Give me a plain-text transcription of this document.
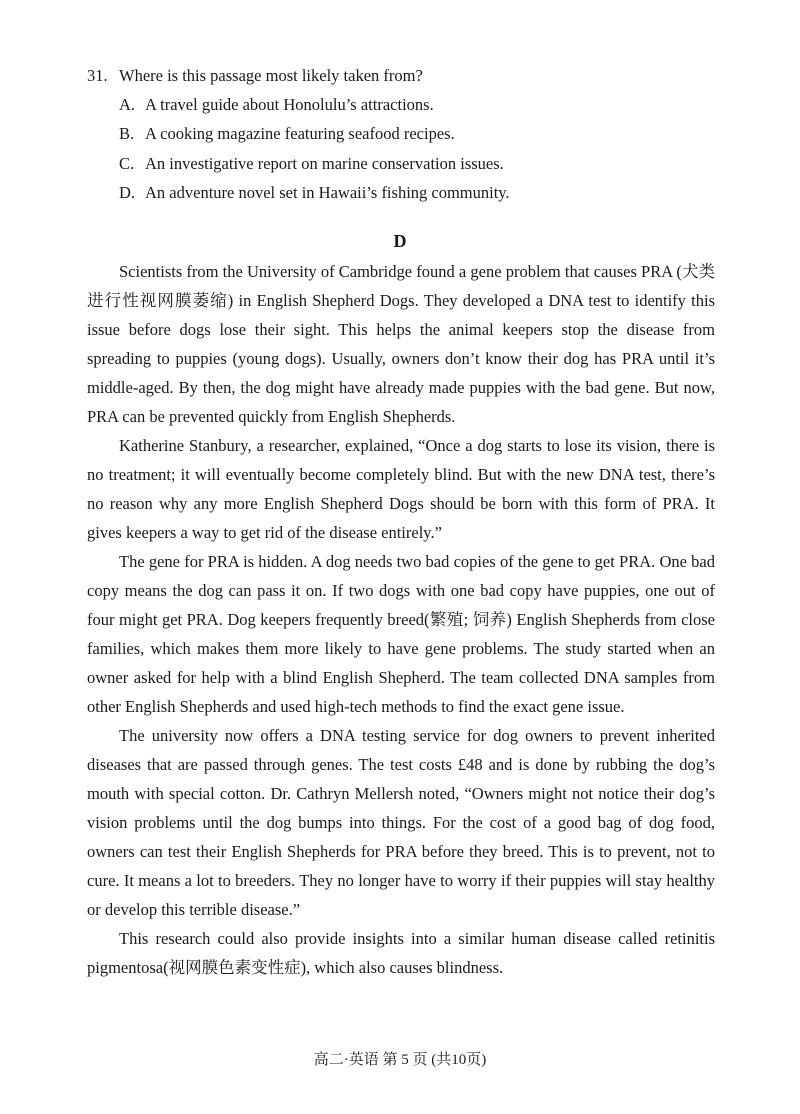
31. Where is this passage most likely taken from?
A. A travel guide about Honolulu’s attractions.
B. A cooking magazine featuring seafood recipes.
C. An investigative report on marine conservation issues.
D. An adventure novel set in Hawaii’s fishing community.
D

Scientists from the University of Cambridge found a gene problem that causes PRA (犬类进行性视网膜萎缩) in English Shepherd Dogs. They developed a DNA test to identify this issue before dogs lose their sight. This helps the animal keepers stop the disease from spreading to puppies (young dogs). Usually, owners don’t know their dog has PRA until it’s middle-aged. By then, the dog might have already made puppies with the bad gene. But now, PRA can be prevented quickly from English Shepherds.

Katherine Stanbury, a researcher, explained, “Once a dog starts to lose its vision, there is no treatment; it will eventually become completely blind. But with the new DNA test, there’s no reason why any more English Shepherd Dogs should be born with this form of PRA. It gives keepers a way to get rid of the disease entirely.”

The gene for PRA is hidden. A dog needs two bad copies of the gene to get PRA. One bad copy means the dog can pass it on. If two dogs with one bad copy have puppies, one out of four might get PRA. Dog keepers frequently breed(繁殖; 饲养) English Shepherds from close families, which makes them more likely to have gene problems. The study started when an owner asked for help with a blind English Shepherd. The team collected DNA samples from other English Shepherds and used high-tech methods to find the exact gene issue.

The university now offers a DNA testing service for dog owners to prevent inherited diseases that are passed through genes. The test costs £48 and is done by rubbing the dog’s mouth with special cotton. Dr. Cathryn Mellersh noted, “Owners might not notice their dog’s vision problems until the dog bumps into things. For the cost of a good bag of dog food, owners can test their English Shepherds for PRA before they breed. This is to prevent, not to cure. It means a lot to breeders. They no longer have to worry if their puppies will stay healthy or develop this terrible disease.”

This research could also provide insights into a similar human disease called retinitis pigmentosa(视网膜色素变性症), which also causes blindness.

高二·英语 第 5 页 (共10页)
